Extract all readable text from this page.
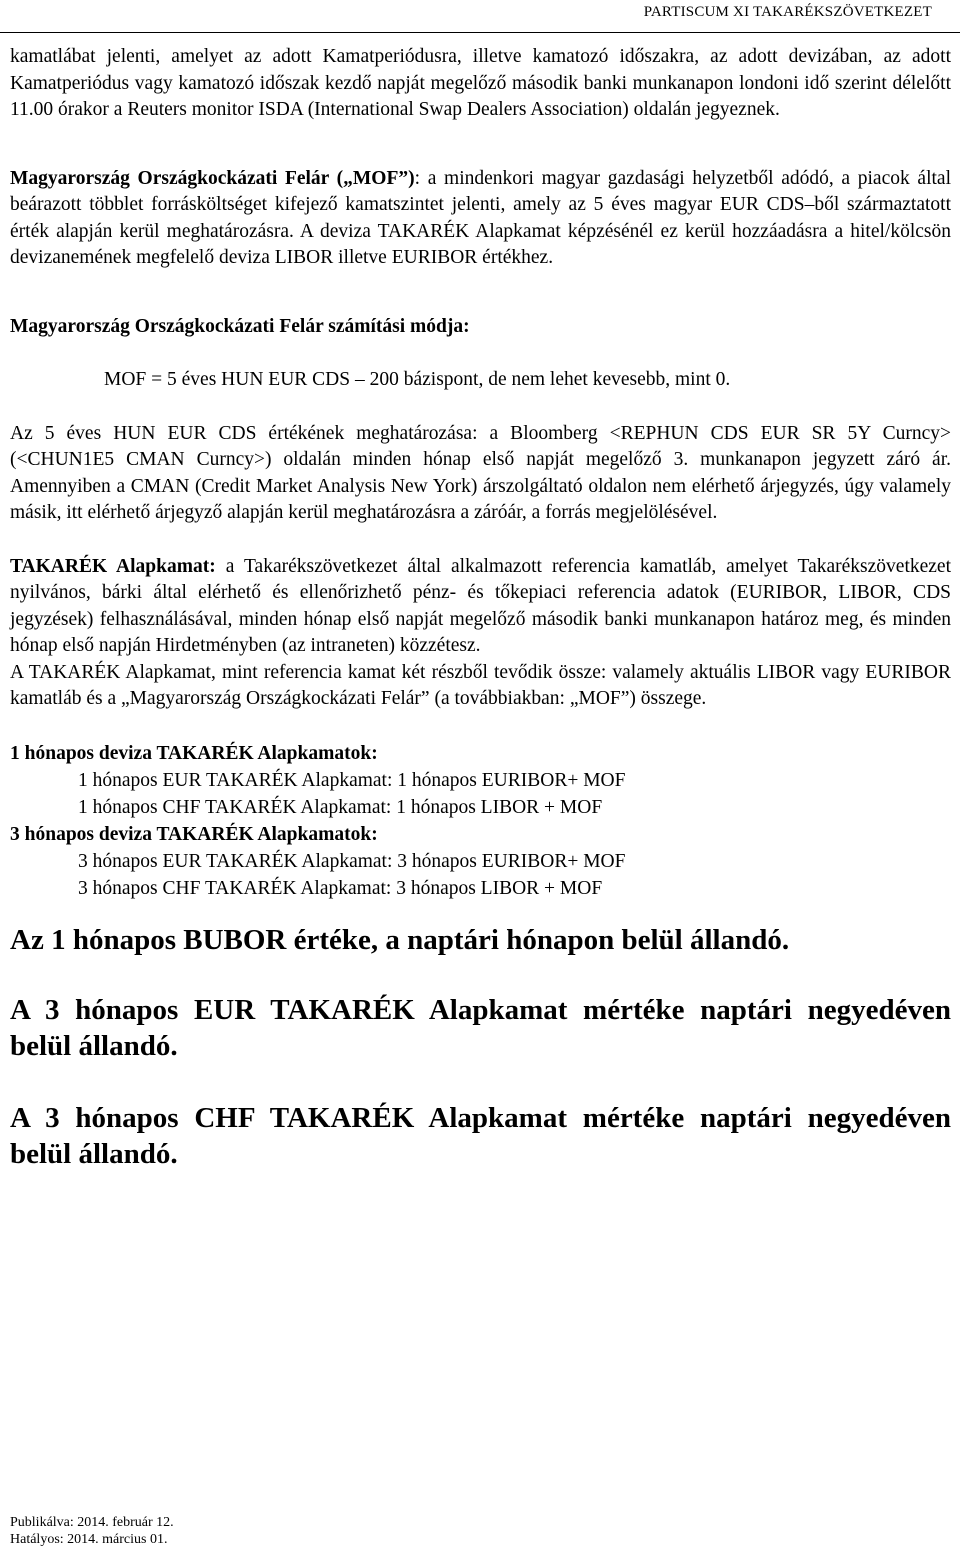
PARTISCUM XI TAKARÉKSZÖVETKEZET

kamatlábat jelenti, amelyet az adott Kamatperiódusra, illetve kamatozó időszakra, az adott devizában, az adott Kamatperiódus vagy kamatozó időszak kezdő napját megelőző második banki munkanapon londoni idő szerint délelőtt 11.00 órakor a Reuters monitor ISDA (International Swap Dealers Association) oldalán jegyeznek.

Magyarország Országkockázati Felár („MOF”): a mindenkori magyar gazdasági helyzetből adódó, a piacok által beárazott többlet forrásköltséget kifejező kamatszintet jelenti, amely az 5 éves magyar EUR CDS–ből származtatott érték alapján kerül meghatározásra. A deviza TAKARÉK Alapkamat képzésénél ez kerül hozzáadásra a hitel/kölcsön devizanemének megfelelő deviza LIBOR illetve EURIBOR értékhez.

Magyarország Országkockázati Felár számítási módja:

MOF = 5 éves HUN EUR CDS – 200 bázispont, de nem lehet kevesebb, mint 0.

Az 5 éves HUN EUR CDS értékének meghatározása: a Bloomberg <REPHUN CDS EUR SR 5Y Curncy> (<CHUN1E5 CMAN Curncy>) oldalán minden hónap első napját megelőző 3. munkanapon jegyzett záró ár. Amennyiben a CMAN (Credit Market Analysis New York) árszolgáltató oldalon nem elérhető árjegyzés, úgy valamely másik, itt elérhető árjegyző alapján kerül meghatározásra a záróár, a forrás megjelölésével.

TAKARÉK Alapkamat: a Takarékszövetkezet által alkalmazott referencia kamatláb, amelyet Takarékszövetkezet nyilvános, bárki által elérhető és ellenőrizhető pénz- és tőkepiaci referencia adatok (EURIBOR, LIBOR, CDS jegyzések) felhasználásával, minden hónap első napját megelőző második banki munkanapon határoz meg, és minden hónap első napján Hirdetményben (az intraneten) közzétesz.

A TAKARÉK Alapkamat, mint referencia kamat két részből tevődik össze: valamely aktuális LIBOR vagy EURIBOR kamatláb és a „Magyarország Országkockázati Felár” (a továbbiakban: „MOF”) összege.

1 hónapos deviza TAKARÉK Alapkamatok:
1 hónapos EUR TAKARÉK Alapkamat: 1 hónapos EURIBOR+ MOF
1 hónapos CHF TAKARÉK Alapkamat: 1 hónapos LIBOR + MOF
3 hónapos deviza TAKARÉK Alapkamatok:
3 hónapos EUR TAKARÉK Alapkamat: 3 hónapos EURIBOR+ MOF
3 hónapos CHF TAKARÉK Alapkamat: 3 hónapos LIBOR + MOF
Az 1 hónapos BUBOR értéke, a naptári hónapon belül állandó.
A 3 hónapos EUR TAKARÉK Alapkamat mértéke naptári negyedéven belül állandó.
A 3 hónapos CHF TAKARÉK Alapkamat mértéke naptári negyedéven belül állandó.
Publikálva: 2014. február 12.
Hatályos: 2014. március 01.
